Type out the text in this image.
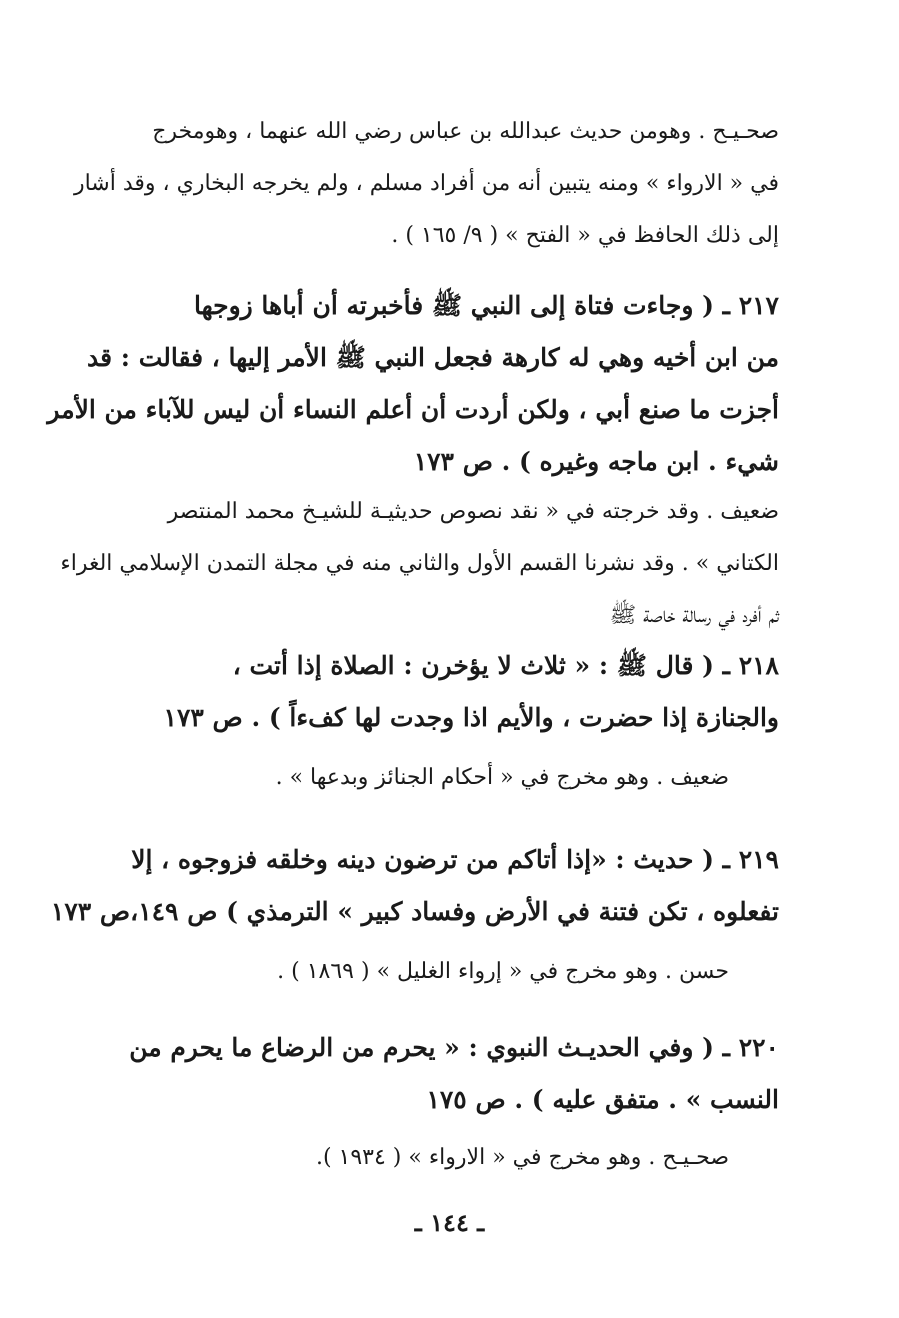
صحـيـح . وهومن حديث عبدالله بن عباس رضي الله عنهما ، وهومخرج
في « الارواء » ومنه يتبين أنه من أفراد مسلم ، ولم يخرجه البخاري ، وقد أشار
إلى ذلك الحافظ في « الفتح » ( ٩/ ١٦٥ ) .
٢١٧ ـ ( وجاءت فتاة إلى النبي ﷺ فأخبرته أن أباها زوجها
من ابن أخيه وهي له كارهة فجعل النبي ﷺ الأمر إليها ، فقالت : قد
أجزت ما صنع أبي ، ولكن أردت أن أعلم النساء أن ليس للآباء من الأمر
شيء . ابن ماجه وغيره ) . ص ١٧٣
ضعيف . وقد خرجته في « نقد نصوص حديثيـة للشيـخ محمد المنتصر
الكتاني » . وقد نشرنا القسم الأول والثاني منه في مجلة التمدن الإسلامي الغراء
ثم أفرد في رسالة خاصة ﷺ
٢١٨ ـ ( قال ﷺ : « ثلاث لا يؤخرن : الصلاة إذا أتت ،
والجنازة إذا حضرت ، والأيم اذا وجدت لها كفءاً ) . ص ١٧٣
ضعيف . وهو مخرج في « أحكام الجنائز وبدعها » .
٢١٩ ـ ( حديث : «إذا أتاكم من ترضون دينه وخلقه فزوجوه ، إلا
تفعلوه ، تكن فتنة في الأرض وفساد كبير » الترمذي ) ص ١٤٩،ص ١٧٣
حسن . وهو مخرج في « إرواء الغليل » ( ١٨٦٩ ) .
٢٢٠ ـ ( وفي الحديـث النبوي : « يحرم من الرضاع ما يحرم من
النسب » . متفق عليه ) . ص ١٧٥
صحـيـح . وهو مخرج في « الارواء » ( ١٩٣٤ ).
ـ ١٤٤ ـ
